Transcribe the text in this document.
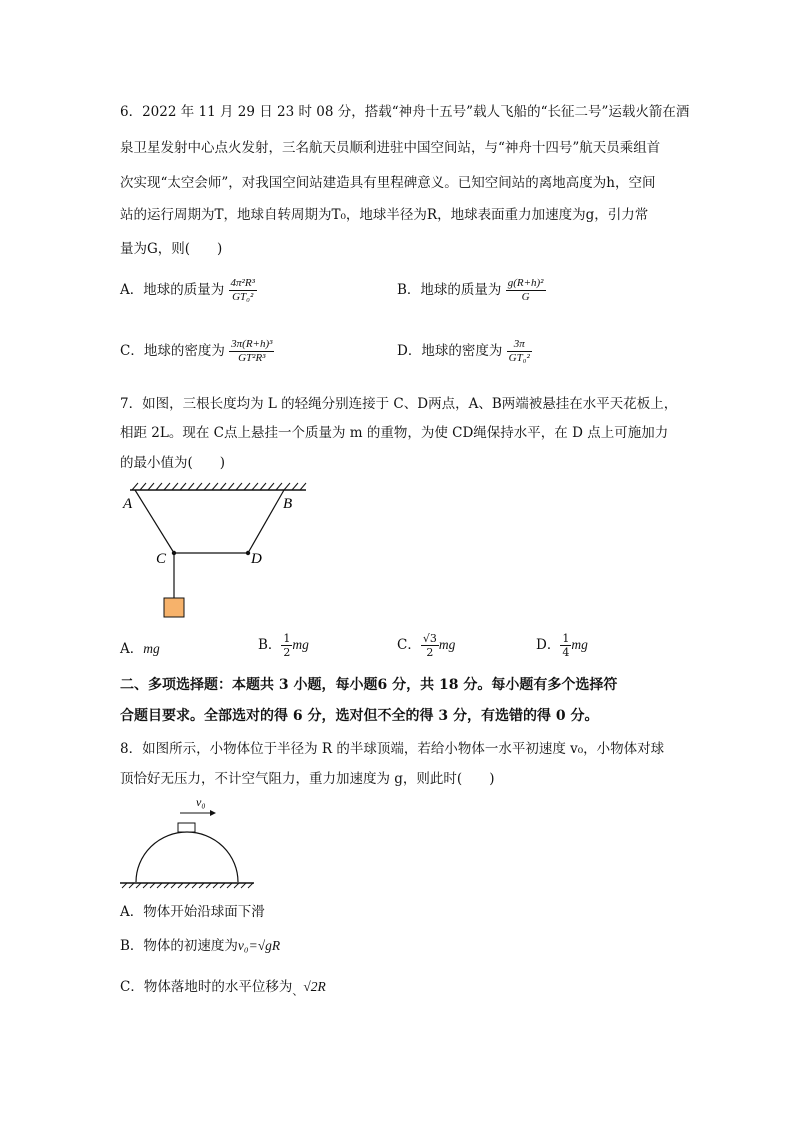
6．2022 年 11 月 29 日 23 时 08 分，搭载“神舟十五号”载人飞船的“长征二号”运载火箭在酒
泉卫星发射中心点火发射，三名航天员顺利进驻中国空间站，与“神舟十四号”航天员乘组首
次实现“太空会师”，对我国空间站建造具有里程碑意义。已知空间站的离地高度为h，空间
站的运行周期为T，地球自转周期为T₀，地球半径为R，地球表面重力加速度为g，引力常
量为G，则(　　)
A．地球的质量为 $\frac{\text{4π²R³}}{\text{GT₀²}}$	B．地球的质量为 $\frac{\text{g(R+h)²}}{G}$
C．地球的密度为 $\frac{\text{3π(R+h)³}}{\text{GT²R³}}$	D．地球的密度为 $\frac{3\pi}{\text{GT₀²}}$
7．如图，三根长度均为 L 的轻绳分别连接于 C、D两点，A、B两端被悬挂在水平天花板上，
相距 2L。现在 C点上悬挂一个质量为 m 的重物，为使 CD绳保持水平，在 D 点上可施加力
的最小值为(　　)
A	B
C	D
A．mg	B． $\frac{1}{2}$ mg	C． $\frac{√3}{2}$ mg	D． $\frac{1}{4}$ mg
二、多项选择题：本题共 3 小题，每小题6 分，共 18 分。每小题有多个选择符
合题目要求。全部选对的得 6 分，选对但不全的得 3 分，有选错的得 0 分。
8．如图所示，小物体位于半径为 R 的半球顶端，若给小物体一水平初速度 v₀，小物体对球
顶恰好无压力，不计空气阻力，重力加速度为 g，则此时(　　)
v₀
A．物体开始沿球面下滑
B．物体的初速度为v₀=√gR
C．物体落地时的水平位移为$_、$√2R
